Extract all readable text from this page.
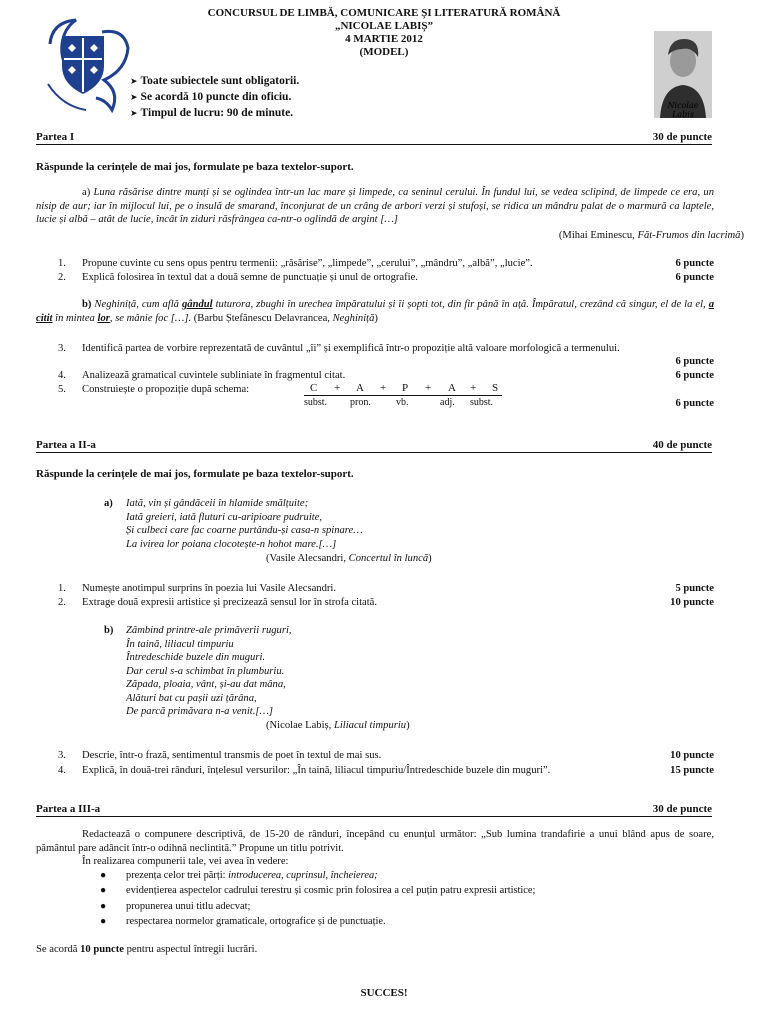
CONCURSUL DE LIMBĂ, COMUNICARE ȘI LITERATURĂ ROMÂNĂ
„NICOLAE LABIȘ”
4 MARTIE 2012
(MODEL)
Nicolae Labiș
➤ Toate subiectele sunt obligatorii.
➤ Se acordă 10 puncte din oficiu.
➤ Timpul de lucru: 90 de minute.
Partea I	30 de puncte
Răspunde la cerințele de mai jos, formulate pe baza textelor-suport.
a) Luna răsărise dintre munți și se oglindea într-un lac mare și limpede, ca seninul cerului. În fundul lui, se vedea sclipind, de limpede ce era, un nisip de aur; iar în mijlocul lui, pe o insulă de smarand, înconjurat de un crâng de arbori verzi și stufoși, se ridica un mândru palat de o marmură ca laptele, lucie și albă – atât de lucie, încât în ziduri răsfrângea ca-ntr-o oglindă de argint […]
(Mihai Eminescu, Făt-Frumos din lacrimă)
1.	Propune cuvinte cu sens opus pentru termenii: „răsărise”, „limpede”, „cerului”, „mândru”, „albă”, „lucie”.	6 puncte
2.	Explică folosirea în textul dat a două semne de punctuație și unul de ortografie.	6 puncte
b) Neghiniță, cum află gândul tuturora, zbughi în urechea împăratului și îi șopti tot, din fir până în ață. Împăratul, crezând că singur, el de la el, a citit în mintea lor, se mânie foc […]. (Barbu Ștefănescu Delavrancea, Neghiniță)
3.	Identifică partea de vorbire reprezentată de cuvântul „îi” și exemplifică într-o propoziție altă valoare morfologică a termenului.
6 puncte
4.	Analizează gramatical cuvintele subliniate în fragmentul citat.	6 puncte
5.	Construiește o propoziție după schema:
6 puncte
C + A + P + A + S
subst. pron.	vb.	adj. subst.
Partea a II-a	40 de puncte
Răspunde la cerințele de mai jos, formulate pe baza textelor-suport.
a) Iată, vin și gândăceii în hlamide smălțuite;
Iată greieri, iată fluturi cu-aripioare pudruite,
Și culbeci care fac coarne purtându-și casa-n spinare…
La ivirea lor poiana clocotește-n hohot mare.[…]
(Vasile Alecsandri, Concertul în luncă)
1.	Numește anotimpul surprins în poezia lui Vasile Alecsandri.	5 puncte
2.	Extrage două expresii artistice și precizează sensul lor în strofa citată.	10 puncte
b) Zâmbind printre-ale primăverii ruguri,
În taină, liliacul timpuriu
Întredeschide buzele din muguri.
Dar cerul s-a schimbat în plumburiu.
Zăpada, ploaia, vânt, și-au dat mâna,
Alături bat cu pașii uzi țărâna,
De parcă primăvara n-a venit.[…]
(Nicolae Labiș, Liliacul timpuriu)
3.	Descrie, într-o frază, sentimentul transmis de poet în textul de mai sus.	10 puncte
4.	Explică, în două-trei rânduri, înțelesul versurilor: „În taină, liliacul timpuriu/Întredeschide buzele din muguri”.	15 puncte
Partea a III-a	30 de puncte
Redactează o compunere descriptivă, de 15-20 de rânduri, începând cu enunțul următor: „Sub lumina trandafirie a unui blând apus de soare, pământul pare adâncit într-o odihnă neclintită.” Propune un titlu potrivit.
În realizarea compunerii tale, vei avea în vedere:
● prezența celor trei părți: introducerea, cuprinsul, încheierea;
● evidențierea aspectelor cadrului terestru și cosmic prin folosirea a cel puțin patru expresii artistice;
● propunerea unui titlu adecvat;
● respectarea normelor gramaticale, ortografice și de punctuație.
Se acordă 10 puncte pentru aspectul întregii lucrări.
SUCCES!
